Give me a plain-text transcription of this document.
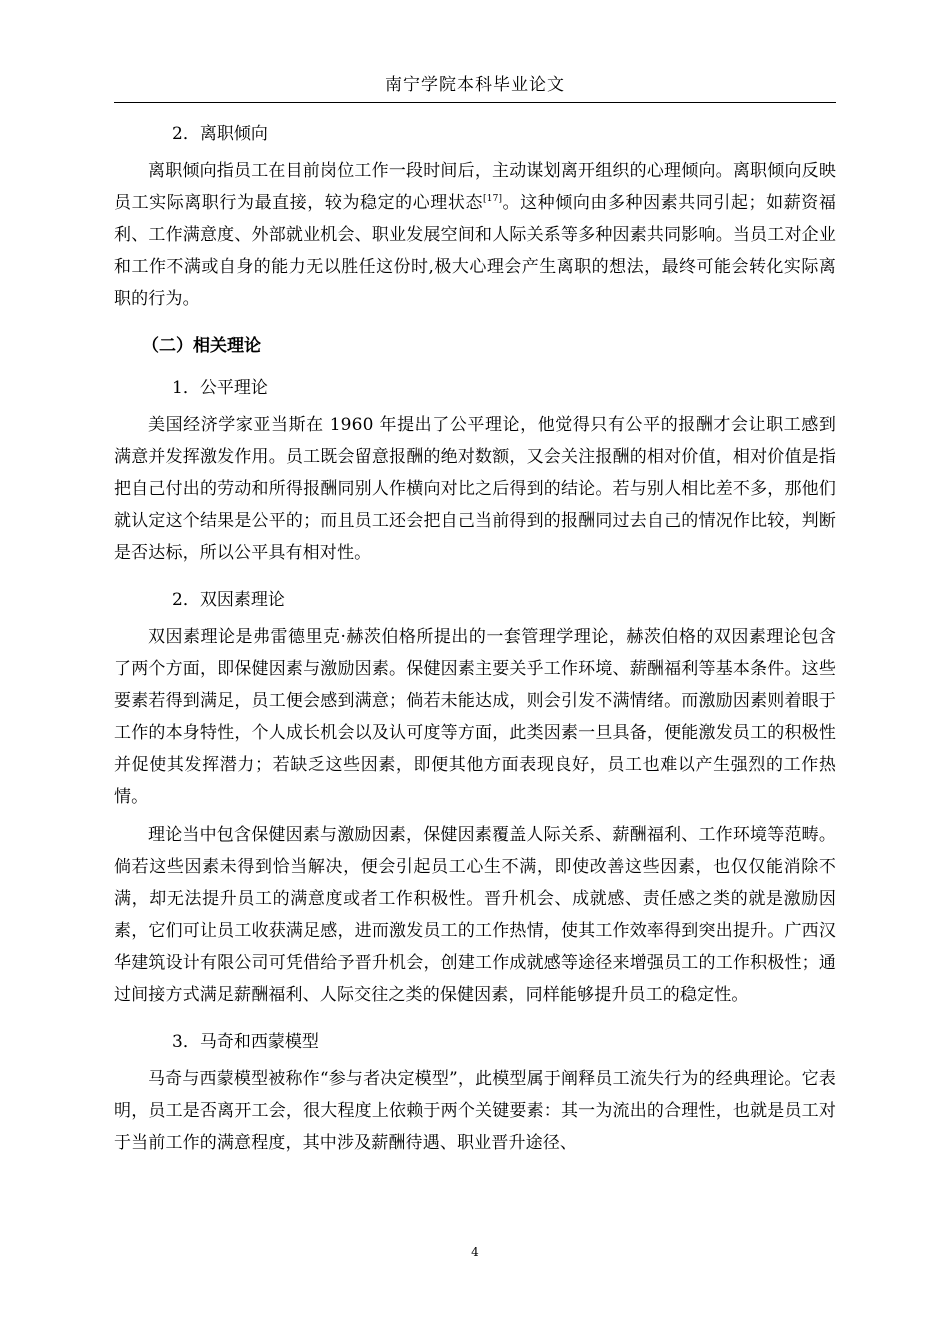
南宁学院本科毕业论文
2．离职倾向

离职倾向指员工在目前岗位工作一段时间后，主动谋划离开组织的心理倾向。离职倾向反映员工实际离职行为最直接，较为稳定的心理状态[17]。这种倾向由多种因素共同引起；如薪资福利、工作满意度、外部就业机会、职业发展空间和人际关系等多种因素共同影响。当员工对企业和工作不满或自身的能力无以胜任这份时,极大心理会产生离职的想法，最终可能会转化实际离职的行为。

（二）相关理论
1．公平理论

美国经济学家亚当斯在 1960 年提出了公平理论，他觉得只有公平的报酬才会让职工感到满意并发挥激发作用。员工既会留意报酬的绝对数额，又会关注报酬的相对价值，相对价值是指把自己付出的劳动和所得报酬同别人作横向对比之后得到的结论。若与别人相比差不多，那他们就认定这个结果是公平的；而且员工还会把自己当前得到的报酬同过去自己的情况作比较，判断是否达标，所以公平具有相对性。

2．双因素理论

双因素理论是弗雷德里克·赫茨伯格所提出的一套管理学理论，赫茨伯格的双因素理论包含了两个方面，即保健因素与激励因素。保健因素主要关乎工作环境、薪酬福利等基本条件。这些要素若得到满足，员工便会感到满意；倘若未能达成，则会引发不满情绪。而激励因素则着眼于工作的本身特性，个人成长机会以及认可度等方面，此类因素一旦具备，便能激发员工的积极性并促使其发挥潜力；若缺乏这些因素，即便其他方面表现良好，员工也难以产生强烈的工作热情。

理论当中包含保健因素与激励因素，保健因素覆盖人际关系、薪酬福利、工作环境等范畴。倘若这些因素未得到恰当解决，便会引起员工心生不满，即使改善这些因素，也仅仅能消除不满，却无法提升员工的满意度或者工作积极性。晋升机会、成就感、责任感之类的就是激励因素，它们可让员工收获满足感，进而激发员工的工作热情，使其工作效率得到突出提升。广西汉华建筑设计有限公司可凭借给予晋升机会，创建工作成就感等途径来增强员工的工作积极性；通过间接方式满足薪酬福利、人际交往之类的保健因素，同样能够提升员工的稳定性。

3．马奇和西蒙模型

马奇与西蒙模型被称作“参与者决定模型”，此模型属于阐释员工流失行为的经典理论。它表明，员工是否离开工会，很大程度上依赖于两个关键要素：其一为流出的合理性，也就是员工对于当前工作的满意程度，其中涉及薪酬待遇、职业晋升途径、

4
